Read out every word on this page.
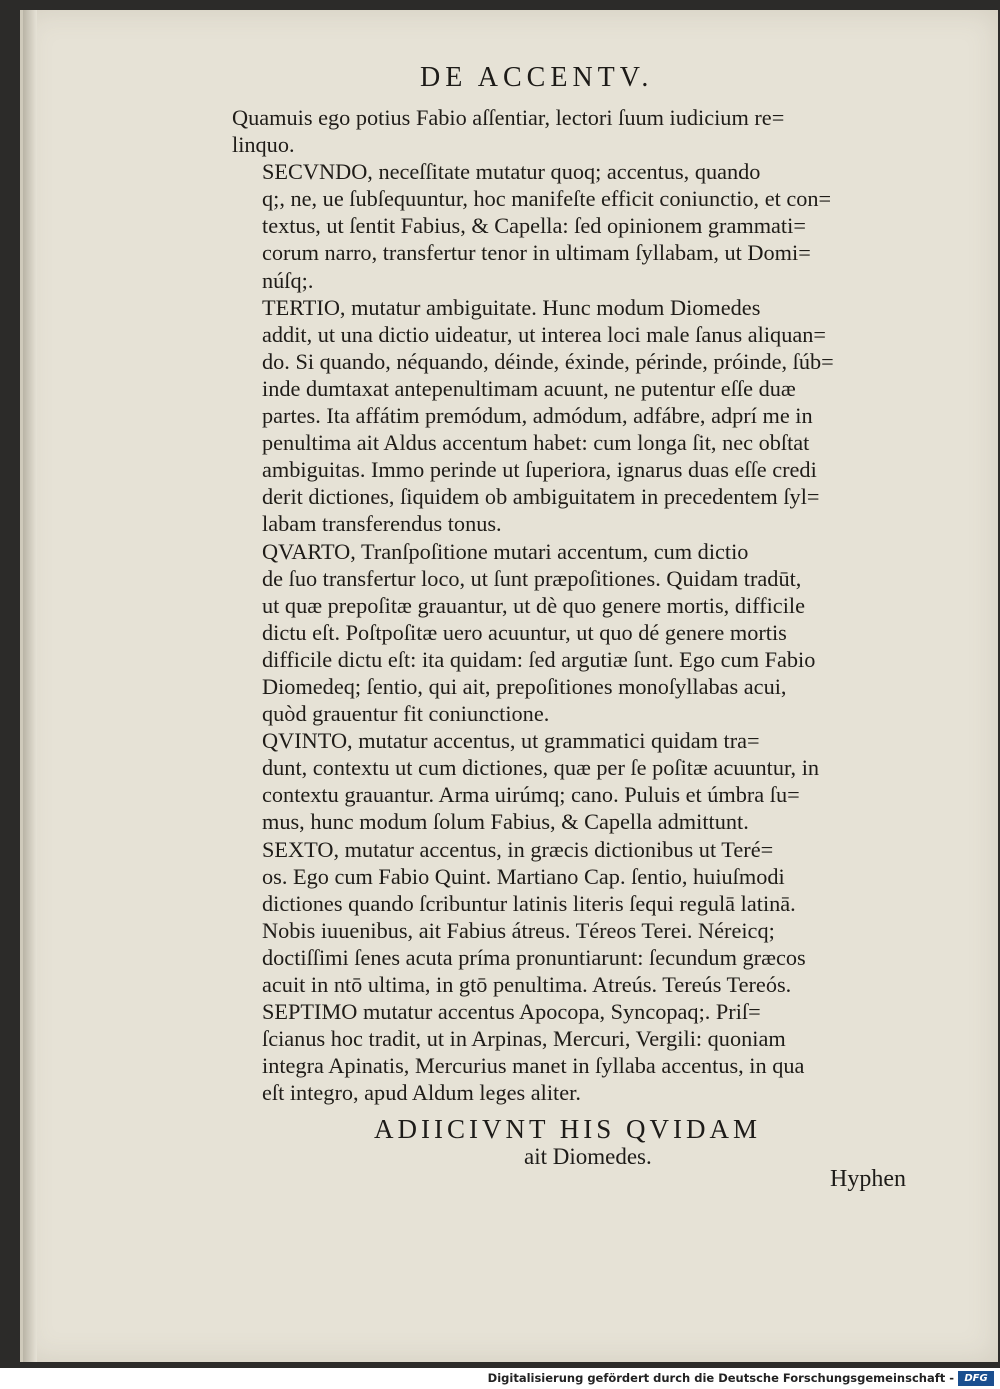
DE ACCENTV.

Quamuis ego potius Fabio aſſentiar, lectori ſuum iudicium re=
linquo.

SECVNDO, neceſſitate mutatur quoq; accentus, quando
q;, ne, ue ſubſequuntur, hoc manifeſte efficit coniunctio, et con=
textus, ut ſentit Fabius, & Capella: ſed opinionem grammati=
corum narro, transfertur tenor in ultimam ſyllabam, ut Domi=
núſq;.

TERTIO, mutatur ambiguitate. Hunc modum Diomedes
addit, ut una dictio uideatur, ut interea loci male ſanus aliquan=
do. Si quando, néquando, déinde, éxinde, périnde, próinde, ſúb=
inde dumtaxat antepenultimam acuunt, ne putentur eſſe duæ
partes. Ita affátim premódum, admódum, adfábre, adprí me in
penultima ait Aldus accentum habet: cum longa ſit, nec obſtat
ambiguitas. Immo perinde ut ſuperiora, ignarus duas eſſe credi
derit dictiones, ſiquidem ob ambiguitatem in precedentem ſyl=
labam transferendus tonus.

QVARTO, Tranſpoſitione mutari accentum, cum dictio
de ſuo transfertur loco, ut ſunt præpoſitiones. Quidam tradūt,
ut quæ prepoſitæ grauantur, ut dè quo genere mortis, difficile
dictu eſt. Poſtpoſitæ uero acuuntur, ut quo dé genere mortis
difficile dictu eſt: ita quidam: ſed argutiæ ſunt. Ego cum Fabio
Diomedeq; ſentio, qui ait, prepoſitiones monoſyllabas acui,
quòd grauentur fit coniunctione.

QVINTO, mutatur accentus, ut grammatici quidam tra=
dunt, contextu ut cum dictiones, quæ per ſe poſitæ acuuntur, in
contextu grauantur. Arma uirúmq; cano. Puluis et úmbra ſu=
mus, hunc modum ſolum Fabius, & Capella admittunt.

SEXTO, mutatur accentus, in græcis dictionibus ut Teré=
os. Ego cum Fabio Quint. Martiano Cap. ſentio, huiuſmodi
dictiones quando ſcribuntur latinis literis ſequi regulā latinā.
Nobis iuuenibus, ait Fabius átreus. Téreos Terei. Néreicq;
doctiſſimi ſenes acuta príma pronuntiarunt: ſecundum græcos
acuit in ntō ultima, in gtō penultima. Atreús. Tereús Tereós.

SEPTIMO mutatur accentus Apocopa, Syncopaq;. Priſ=
ſcianus hoc tradit, ut in Arpinas, Mercuri, Vergili: quoniam
integra Apinatis, Mercurius manet in ſyllaba accentus, in qua
eſt integro, apud Aldum leges aliter.

ADIICIVNT HIS QVIDAM
ait Diomedes.
Hyphen
Digitalisierung gefördert durch die Deutsche Forschungsgemeinschaft -	DFG
